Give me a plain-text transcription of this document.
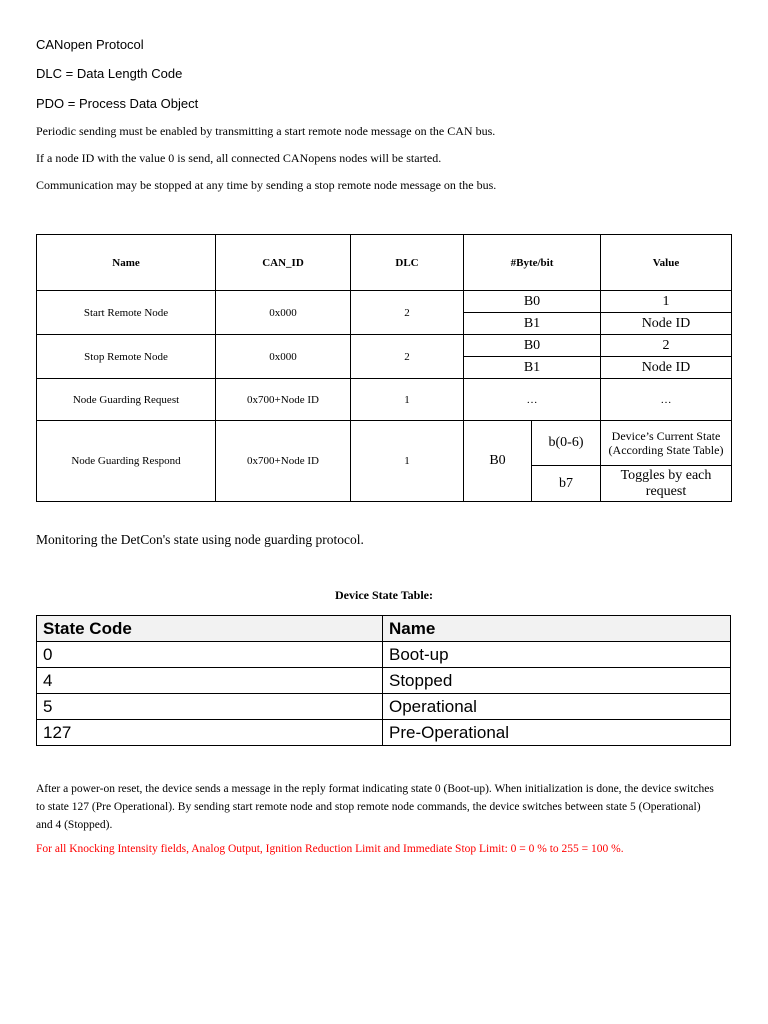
CANopen Protocol
DLC = Data Length Code
PDO = Process Data Object
Periodic sending must be enabled by transmitting a start remote node message on the CAN bus.
If a node ID with the value 0 is send, all connected CANopens nodes will be started.
Communication may be stopped at any time by sending a stop remote node message on the bus.
Name	CAN_ID	DLC	#Byte/bit		Value
Start Remote Node	0x000	2	B0		1
			B1		Node ID
Stop Remote Node	0x000	2	B0		2
			B1		Node ID
Node Guarding Request	0x700+Node ID	1	…		…
Node Guarding Respond	0x700+Node ID	1	B0	b(0-6)	Device’s Current State (According State Table)
				b7	Toggles by each request
Monitoring the DetCon's state using node guarding protocol.
Device State Table:
State Code	Name
0	Boot-up
4	Stopped
5	Operational
127	Pre-Operational
After a power-on reset, the device sends a message in the reply format indicating state 0 (Boot-up). When initialization is done, the device switches to state 127 (Pre Operational). By sending start remote node and stop remote node commands, the device switches between state 5 (Operational) and 4 (Stopped).
For all Knocking Intensity fields, Analog Output, Ignition Reduction Limit and Immediate Stop Limit: 0 = 0 % to 255 = 100 %.
